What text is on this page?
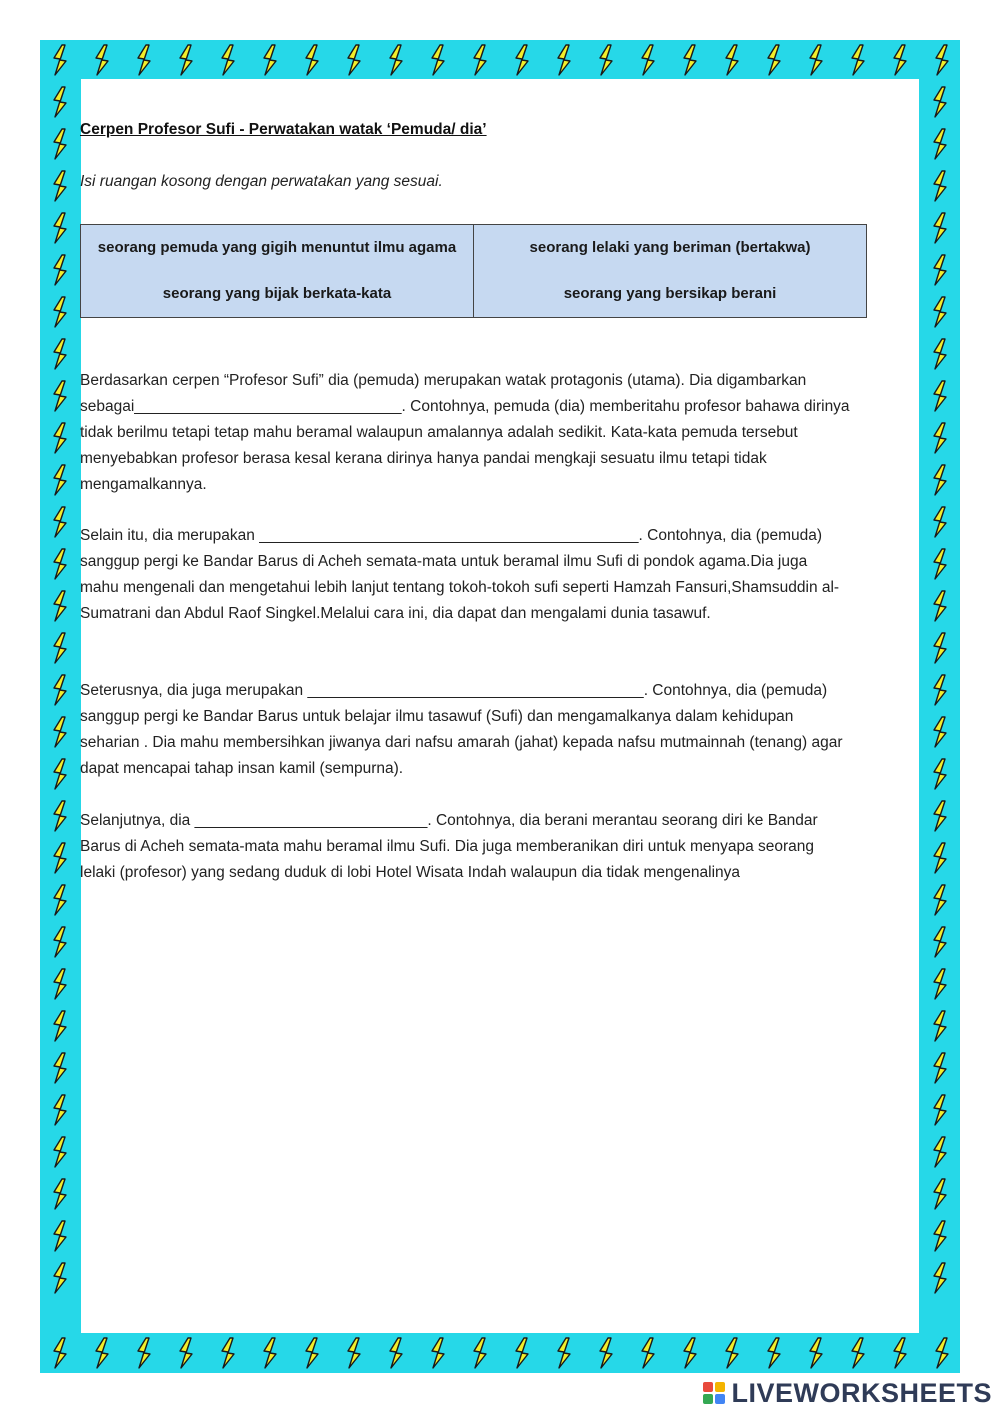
Cerpen Profesor Sufi - Perwatakan watak ‘Pemuda/ dia’
Isi ruangan kosong dengan perwatakan yang sesuai.
seorang pemuda yang gigih menuntut ilmu agama
seorang yang bijak berkata-kata

seorang lelaki yang beriman (bertakwa)
seorang yang bersikap berani

Berdasarkan cerpen “Profesor Sufi” dia (pemuda) merupakan watak protagonis (utama). Dia digambarkan sebagai_______________________________. Contohnya, pemuda (dia) memberitahu profesor bahawa dirinya tidak berilmu tetapi tetap mahu beramal walaupun amalannya adalah sedikit. Kata-kata pemuda tersebut menyebabkan profesor berasa kesal kerana dirinya hanya pandai mengkaji sesuatu ilmu tetapi tidak mengamalkannya.

Selain itu, dia merupakan ____________________________________________. Contohnya, dia (pemuda) sanggup pergi ke Bandar Barus di Acheh semata-mata untuk beramal ilmu Sufi di pondok agama.Dia juga mahu mengenali dan mengetahui lebih lanjut tentang tokoh-tokoh sufi seperti Hamzah Fansuri,Shamsuddin al-Sumatrani dan Abdul Raof Singkel.Melalui cara ini, dia dapat dan mengalami dunia tasawuf.

Seterusnya, dia juga merupakan _______________________________________. Contohnya, dia (pemuda) sanggup pergi ke Bandar Barus untuk belajar ilmu tasawuf (Sufi) dan mengamalkanya dalam kehidupan seharian . Dia mahu membersihkan jiwanya dari nafsu amarah (jahat) kepada nafsu mutmainnah (tenang) agar dapat mencapai tahap insan kamil (sempurna).

Selanjutnya, dia ___________________________. Contohnya, dia berani merantau seorang diri ke Bandar Barus di Acheh semata-mata mahu beramal ilmu Sufi. Dia juga memberanikan diri untuk menyapa seorang lelaki (profesor) yang sedang duduk di lobi Hotel Wisata Indah walaupun dia tidak mengenalinya

LIVEWORKSHEETS
